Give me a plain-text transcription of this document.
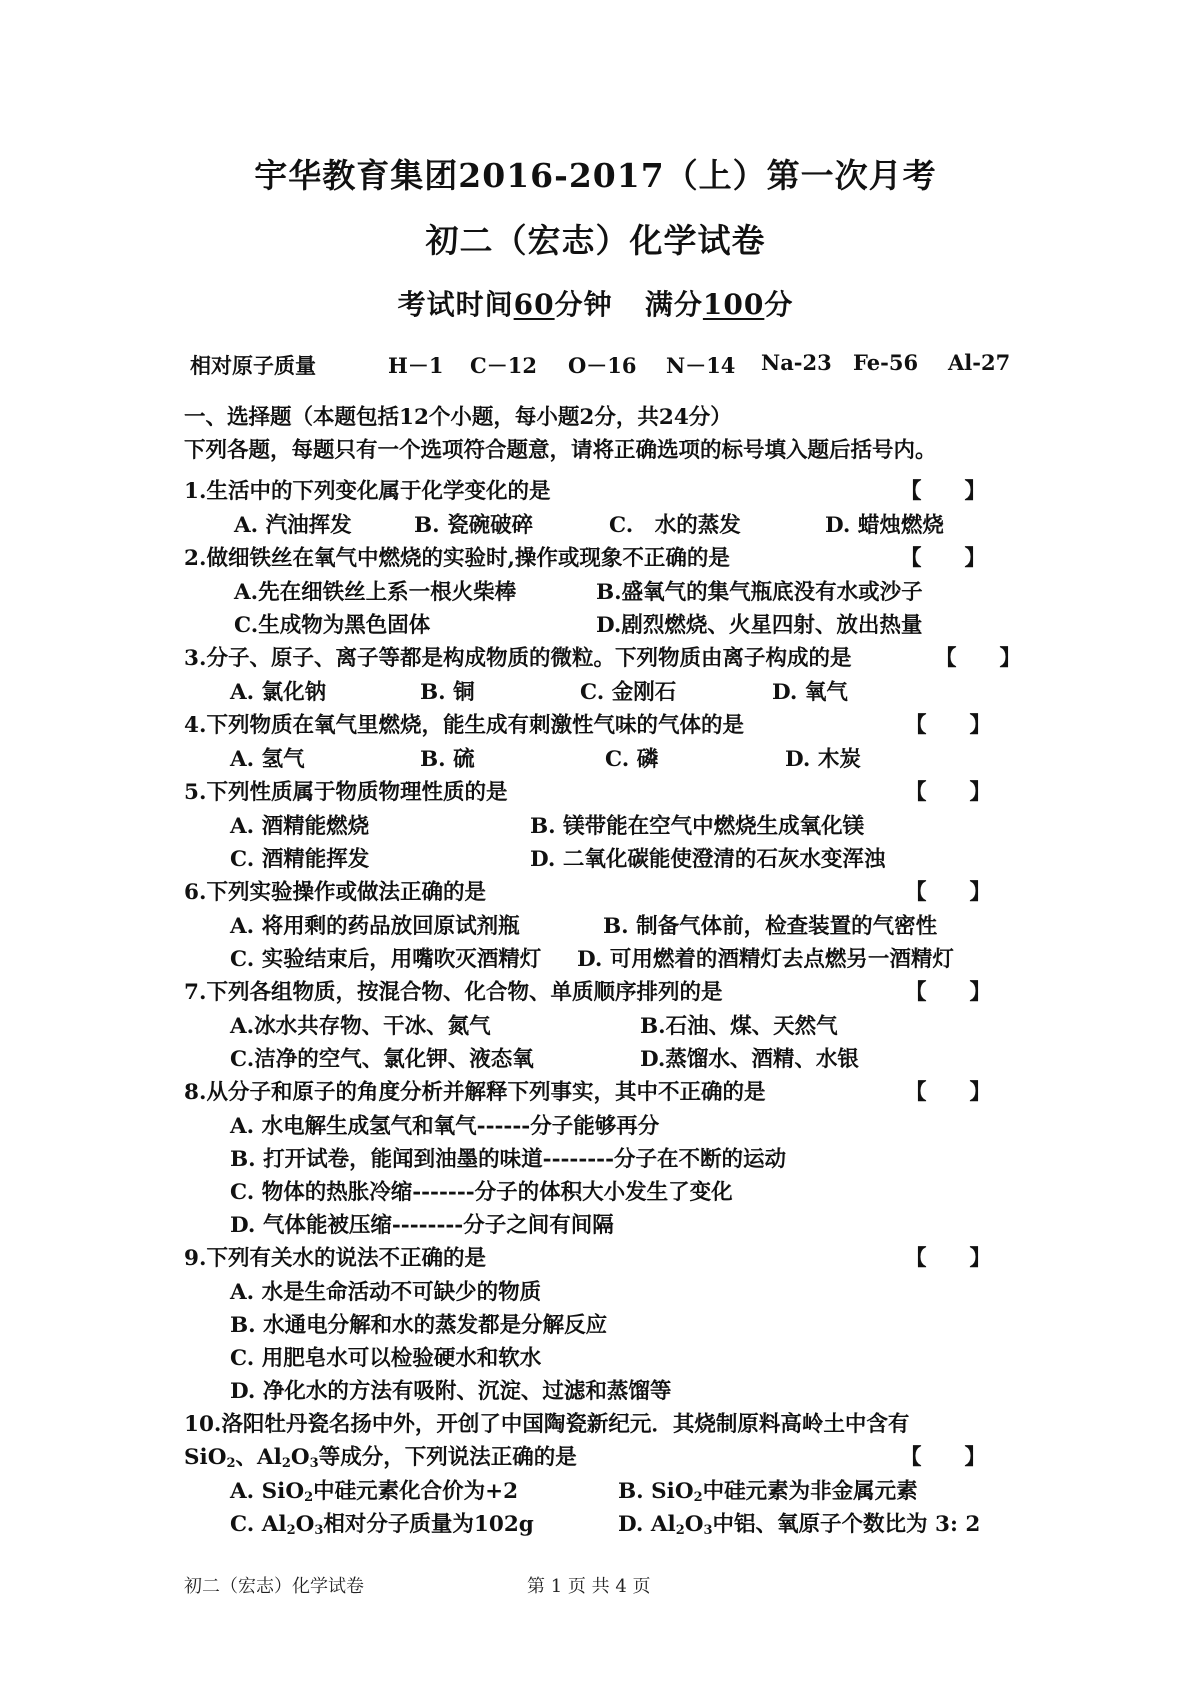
宇华教育集团2016-2017（上）第一次月考
初二（宏志）化学试卷
考试时间60分钟 满分100分
相对原子质量	H－1 C－12 O－16 N－14 Na-23 Fe-56 Al-27
一、选择题（本题包括12个小题，每小题2分，共24分）
下列各题，每题只有一个选项符合题意，请将正确选项的标号填入题后括号内。
1.生活中的下列变化属于化学变化的是	【　　】
A. 汽油挥发	B. 瓷碗破碎	C.　水的蒸发	D. 蜡烛燃烧
2.做细铁丝在氧气中燃烧的实验时,操作或现象不正确的是	【　　】
A.先在细铁丝上系一根火柴棒	B.盛氧气的集气瓶底没有水或沙子
C.生成物为黑色固体	D.剧烈燃烧、火星四射、放出热量
3.分子、原子、离子等都是构成物质的微粒。下列物质由离子构成的是	【　　】
A. 氯化钠	B. 铜	C. 金刚石	D. 氧气
4.下列物质在氧气里燃烧，能生成有刺激性气味的气体的是	【　　】
A. 氢气	B. 硫	C. 磷	D. 木炭
5.下列性质属于物质物理性质的是	【　　】
A. 酒精能燃烧	B. 镁带能在空气中燃烧生成氧化镁
C. 酒精能挥发	D. 二氧化碳能使澄清的石灰水变浑浊
6.下列实验操作或做法正确的是	【　　】
A. 将用剩的药品放回原试剂瓶	B. 制备气体前，检查装置的气密性
C. 实验结束后，用嘴吹灭酒精灯 D. 可用燃着的酒精灯去点燃另一酒精灯
7.下列各组物质，按混合物、化合物、单质顺序排列的是	【　　】
A.冰水共存物、干冰、氮气	B.石油、煤、天然气
C.洁净的空气、氯化钾、液态氧	D.蒸馏水、酒精、水银
8.从分子和原子的角度分析并解释下列事实，其中不正确的是	【　　】
A. 水电解生成氢气和氧气------分子能够再分
B. 打开试卷，能闻到油墨的味道--------分子在不断的运动
C. 物体的热胀冷缩-------分子的体积大小发生了变化
D. 气体能被压缩--------分子之间有间隔
9.下列有关水的说法不正确的是	【　　】
A. 水是生命活动不可缺少的物质
B. 水通电分解和水的蒸发都是分解反应
C. 用肥皂水可以检验硬水和软水
D. 净化水的方法有吸附、沉淀、过滤和蒸馏等
10.洛阳牡丹瓷名扬中外，开创了中国陶瓷新纪元．其烧制原料高岭土中含有
SiO$_2$、$Al_2O_3$等成分，下列说法正确的是	【　　】
A. SiO$_2$中硅元素化合价为+2	B. SiO$_2$中硅元素为非金属元素
C. $Al_2O_3$相对分子质量为102g	D. $Al_2O_3$中铝、氧原子个数比为 3: 2
初二（宏志）化学试卷	第 1 页 共 4 页
